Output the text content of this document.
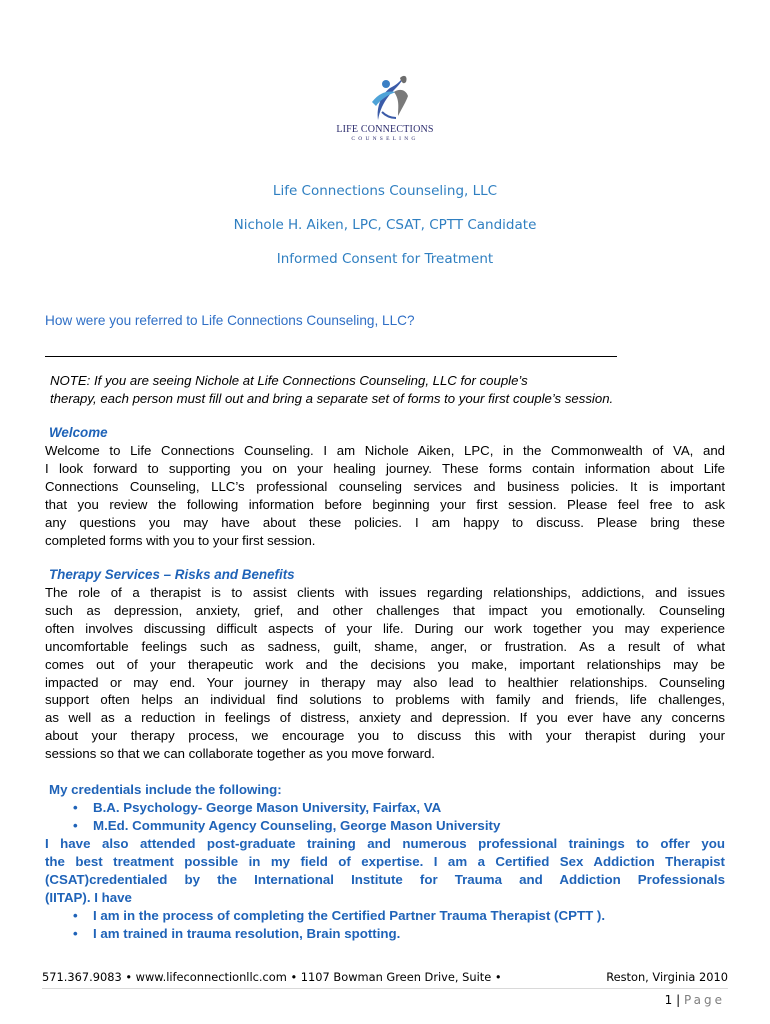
LIFE CONNECTIONS
COUNSELING
Life Connections Counseling, LLC
Nichole H. Aiken, LPC, CSAT, CPTT Candidate
Informed Consent for Treatment
How were you referred to Life Connections Counseling, LLC?
NOTE: If you are seeing Nichole at Life Connections Counseling, LLC for couple’s
therapy, each person must fill out and bring a separate set of forms to your first couple’s session.
Welcome
Welcome to Life Connections Counseling. I am Nichole Aiken, LPC, in the Commonwealth of VA, and
I look forward to supporting you on your healing journey. These forms contain information about Life
Connections Counseling, LLC’s professional counseling services and business policies. It is important
that you review the following information before beginning your first session. Please feel free to ask
any questions you may have about these policies. I am happy to discuss. Please bring these
completed forms with you to your first session.
Therapy Services – Risks and Benefits
The role of a therapist is to assist clients with issues regarding relationships, addictions, and issues
such as depression, anxiety, grief, and other challenges that impact you emotionally. Counseling
often involves discussing difficult aspects of your life. During our work together you may experience
uncomfortable feelings such as sadness, guilt, shame, anger, or frustration. As a result of what
comes out of your therapeutic work and the decisions you make, important relationships may be
impacted or may end. Your journey in therapy may also lead to healthier relationships. Counseling
support often helps an individual find solutions to problems with family and friends, life challenges,
as well as a reduction in feelings of distress, anxiety and depression. If you ever have any concerns
about your therapy process, we encourage you to discuss this with your therapist during your
sessions so that we can collaborate together as you move forward.
My credentials include the following:
• B.A. Psychology- George Mason University, Fairfax, VA
• M.Ed. Community Agency Counseling, George Mason University
I have also attended post-graduate training and numerous professional trainings to offer you
the best treatment possible in my field of expertise. I am a Certified Sex Addiction Therapist
(CSAT)credentialed by the International Institute for Trauma and Addiction Professionals
(IITAP). I have
• I am in the process of completing the Certified Partner Trauma Therapist (CPTT ).
• I am trained in trauma resolution, Brain spotting.
571.367.9083 • www.lifeconnectionllc.com • 1107 Bowman Green Drive, Suite •	Reston, Virginia 2010
1 | Page
